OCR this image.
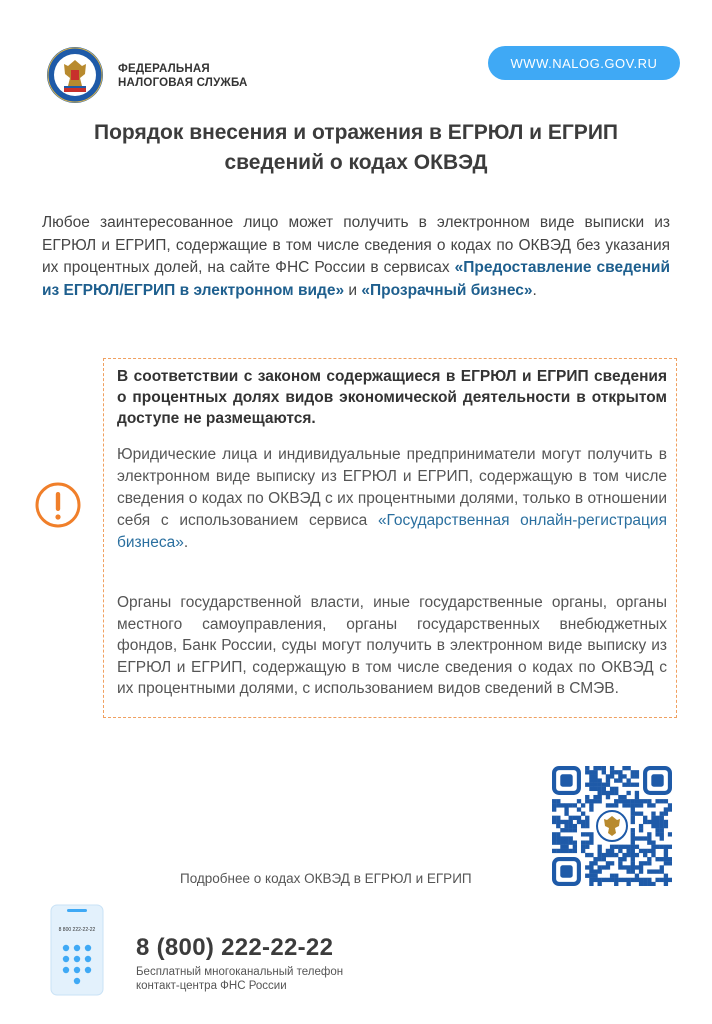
ФЕДЕРАЛЬНАЯ
НАЛОГОВАЯ СЛУЖБА
WWW.NALOG.GOV.RU
Порядок внесения и отражения в ЕГРЮЛ и ЕГРИП
сведений о кодах ОКВЭД

Любое заинтересованное лицо может получить в электронном виде выписки из ЕГРЮЛ и ЕГРИП, содержащие в том числе сведения о кодах по ОКВЭД без указания их процентных долей, на сайте ФНС России в сервисах «Предоставление сведений из ЕГРЮЛ/ЕГРИП в электронном виде» и «Прозрачный бизнес».

В соответствии с законом содержащиеся в ЕГРЮЛ и ЕГРИП сведения о процентных долях видов экономической деятельности в открытом доступе не размещаются.

Юридические лица и индивидуальные предприниматели могут получить в электронном виде выписку из ЕГРЮЛ и ЕГРИП, содержащую в том числе сведения о кодах по ОКВЭД с их процентными долями, только в отношении себя с использованием сервиса «Государственная онлайн-регистрация бизнеса».

Органы государственной власти, иные государственные органы, органы местного самоуправления, органы государственных внебюджетных фондов, Банк России, суды могут получить в электронном виде выписку из ЕГРЮЛ и ЕГРИП, содержащую в том числе сведения о кодах по ОКВЭД с их процентными долями, с использованием видов сведений в СМЭВ.

Подробнее о кодах ОКВЭД в ЕГРЮЛ и ЕГРИП
8 800 222-22-22
8 (800) 222-22-22
Бесплатный многоканальный телефон
контакт-центра ФНС России
